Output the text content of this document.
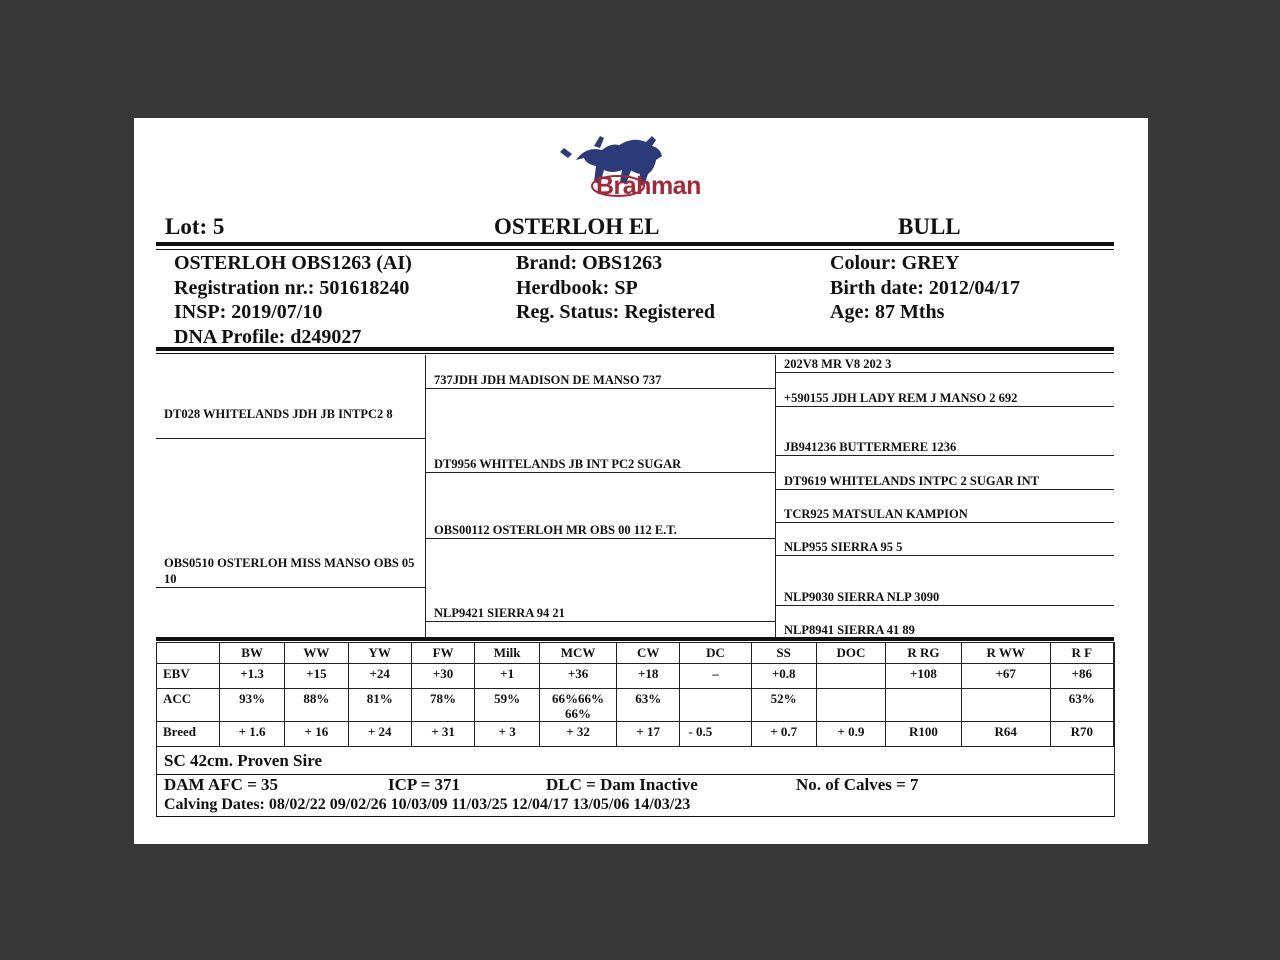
Brahman
Lot: 5	OSTERLOH EL	BULL
OSTERLOH OBS1263 (AI)
Registration nr.: 501618240
INSP: 2019/07/10
DNA Profile: d249027
Brand: OBS1263
Herdbook: SP
Reg. Status: Registered
Colour: GREY
Birth date: 2012/04/17
Age: 87 Mths
DT028 WHITELANDS JDH JB INTPC2 8
OBS0510 OSTERLOH MISS MANSO OBS 05 10
737JDH JDH MADISON DE MANSO 737
DT9956 WHITELANDS JB INT PC2 SUGAR
OBS00112 OSTERLOH MR OBS 00 112 E.T.
NLP9421 SIERRA 94 21
202V8 MR V8 202 3
+590155 JDH LADY REM J MANSO 2 692
JB941236 BUTTERMERE 1236
DT9619 WHITELANDS INTPC 2 SUGAR INT
TCR925 MATSULAN KAMPION
NLP955 SIERRA 95 5
NLP9030 SIERRA NLP 3090
NLP8941 SIERRA 41 89
	BW	WW	YW	FW	Milk	MCW	CW	DC	SS	DOC	R RG	R WW	R F
EBV	+1.3	+15	+24	+30	+1	+36	+18	–	+0.8		+108	+67	+86
ACC	93%	88%	81%	78%	59%	66%66% 66%	63%		52%				63%
Breed	+ 1.6	+ 16	+ 24	+ 31	+ 3	+ 32	+ 17	- 0.5	+ 0.7	+ 0.9	R100	R64	R70
SC 42cm. Proven Sire
DAM AFC = 35	ICP = 371	DLC = Dam Inactive	No. of Calves = 7
Calving Dates: 08/02/22 09/02/26 10/03/09 11/03/25 12/04/17 13/05/06 14/03/23
